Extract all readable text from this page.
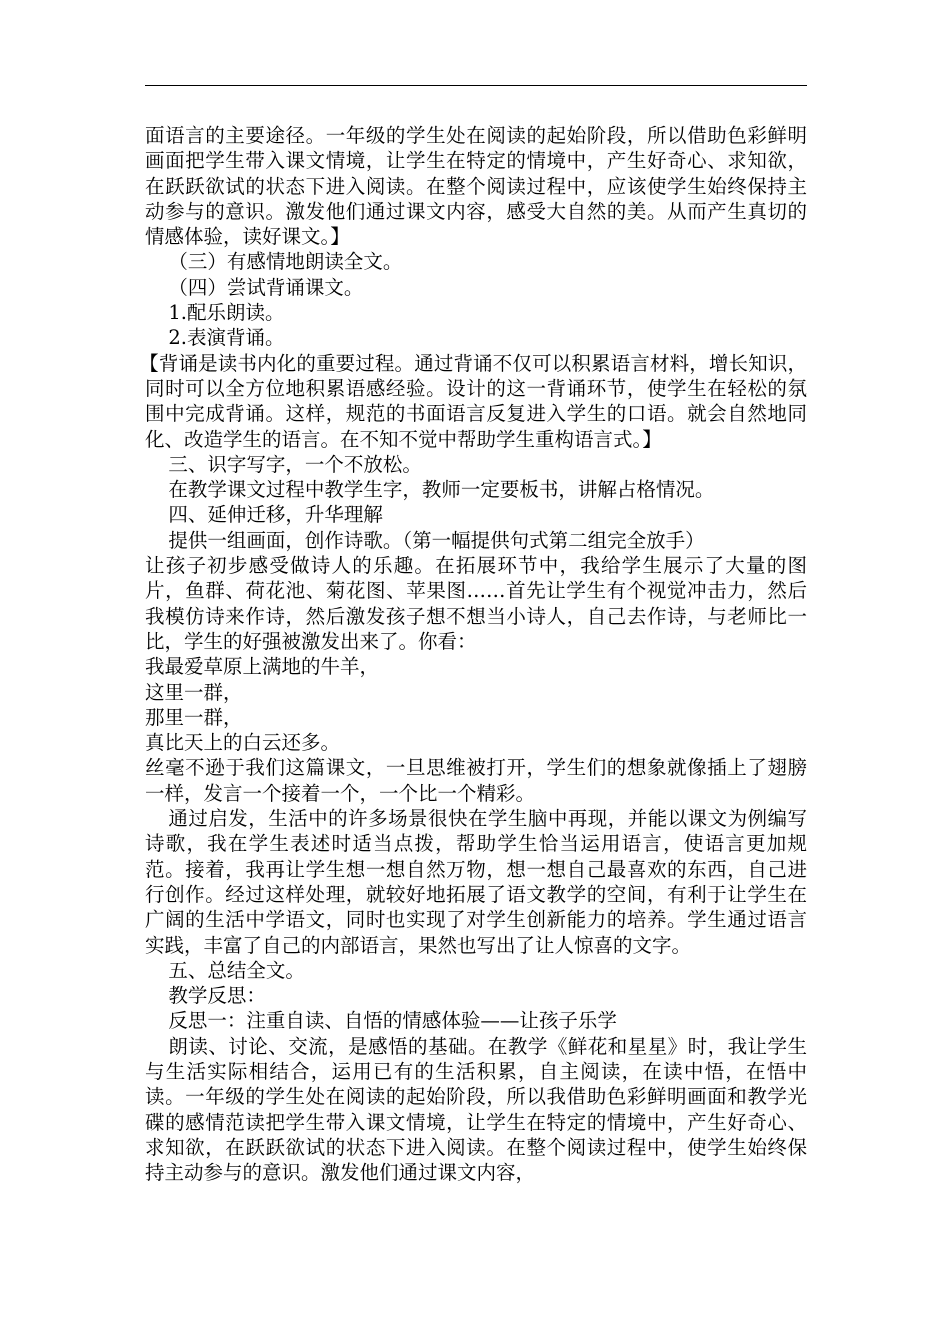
面语言的主要途径。一年级的学生处在阅读的起始阶段，所以借助色彩鲜明画面把学生带入课文情境，让学生在特定的情境中，产生好奇心、求知欲，在跃跃欲试的状态下进入阅读。在整个阅读过程中，应该使学生始终保持主动参与的意识。激发他们通过课文内容，感受大自然的美。从而产生真切的情感体验，读好课文。】

（三）有感情地朗读全文。

（四）尝试背诵课文。

1.配乐朗读。

2.表演背诵。

【背诵是读书内化的重要过程。通过背诵不仅可以积累语言材料，增长知识，同时可以全方位地积累语感经验。设计的这一背诵环节，使学生在轻松的氛围中完成背诵。这样，规范的书面语言反复进入学生的口语。就会自然地同化、改造学生的语言。在不知不觉中帮助学生重构语言式。】

三、识字写字，一个不放松。

在教学课文过程中教学生字，教师一定要板书，讲解占格情况。

四、延伸迁移，升华理解

提供一组画面，创作诗歌。（第一幅提供句式第二组完全放手）

让孩子初步感受做诗人的乐趣。在拓展环节中，我给学生展示了大量的图片，鱼群、荷花池、菊花图、苹果图……首先让学生有个视觉冲击力，然后我模仿诗来作诗，然后激发孩子想不想当小诗人，自己去作诗，与老师比一比，学生的好强被激发出来了。你看：

我最爱草原上满地的牛羊，

这里一群，

那里一群，

真比天上的白云还多。

丝毫不逊于我们这篇课文，一旦思维被打开，学生们的想象就像插上了翅膀一样，发言一个接着一个，一个比一个精彩。

通过启发，生活中的许多场景很快在学生脑中再现，并能以课文为例编写诗歌，我在学生表述时适当点拨，帮助学生恰当运用语言，使语言更加规范。接着，我再让学生想一想自然万物，想一想自己最喜欢的东西，自己进行创作。经过这样处理，就较好地拓展了语文教学的空间，有利于让学生在广阔的生活中学语文，同时也实现了对学生创新能力的培养。学生通过语言实践，丰富了自己的内部语言，果然也写出了让人惊喜的文字。

五、总结全文。

教学反思：

反思一：注重自读、自悟的情感体验——让孩子乐学

朗读、讨论、交流，是感悟的基础。在教学《鲜花和星星》时，我让学生与生活实际相结合，运用已有的生活积累，自主阅读，在读中悟，在悟中读。一年级的学生处在阅读的起始阶段，所以我借助色彩鲜明画面和教学光碟的感情范读把学生带入课文情境，让学生在特定的情境中，产生好奇心、求知欲，在跃跃欲试的状态下进入阅读。在整个阅读过程中，使学生始终保持主动参与的意识。激发他们通过课文内容，
